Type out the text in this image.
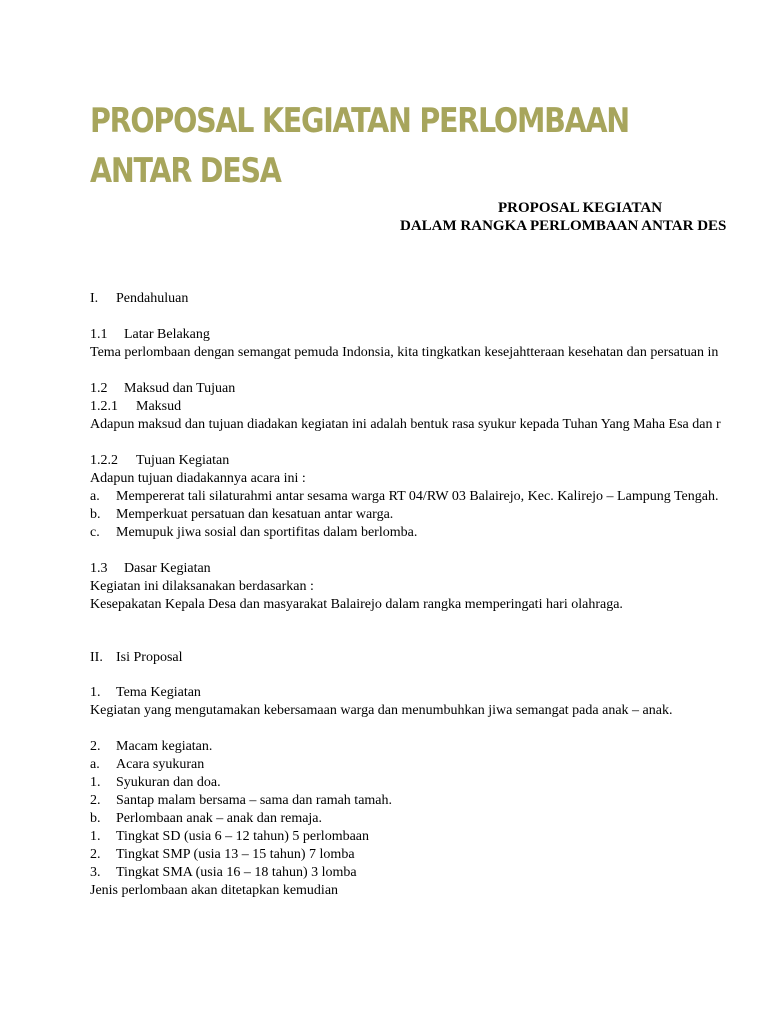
PROPOSAL KEGIATAN PERLOMBAAN
ANTAR DESA
PROPOSAL KEGIATAN
DALAM RANGKA PERLOMBAAN ANTAR DES
I. Pendahuluan
1.1 Latar Belakang
Tema perlombaan dengan semangat pemuda Indonsia, kita tingkatkan kesejahtteraan kesehatan dan persatuan in
1.2 Maksud dan Tujuan
1.2.1 Maksud
Adapun maksud dan tujuan diadakan kegiatan ini adalah bentuk rasa syukur kepada Tuhan Yang Maha Esa dan r
1.2.2 Tujuan Kegiatan
Adapun tujuan diadakannya acara ini :
a. Mempererat tali silaturahmi antar sesama warga RT 04/RW 03 Balairejo, Kec. Kalirejo – Lampung Tengah.
b. Memperkuat persatuan dan kesatuan antar warga.
c. Memupuk jiwa sosial dan sportifitas dalam berlomba.
1.3 Dasar Kegiatan
Kegiatan ini dilaksanakan berdasarkan :
Kesepakatan Kepala Desa dan masyarakat Balairejo dalam rangka memperingati hari olahraga.
II. Isi Proposal
1. Tema Kegiatan
Kegiatan yang mengutamakan kebersamaan warga dan menumbuhkan jiwa semangat pada anak – anak.
2. Macam kegiatan.
a. Acara syukuran
1. Syukuran dan doa.
2. Santap malam bersama – sama dan ramah tamah.
b. Perlombaan anak – anak dan remaja.
1. Tingkat SD (usia 6 – 12 tahun) 5 perlombaan
2. Tingkat SMP (usia 13 – 15 tahun) 7 lomba
3. Tingkat SMA (usia 16 – 18 tahun) 3 lomba
Jenis perlombaan akan ditetapkan kemudian
